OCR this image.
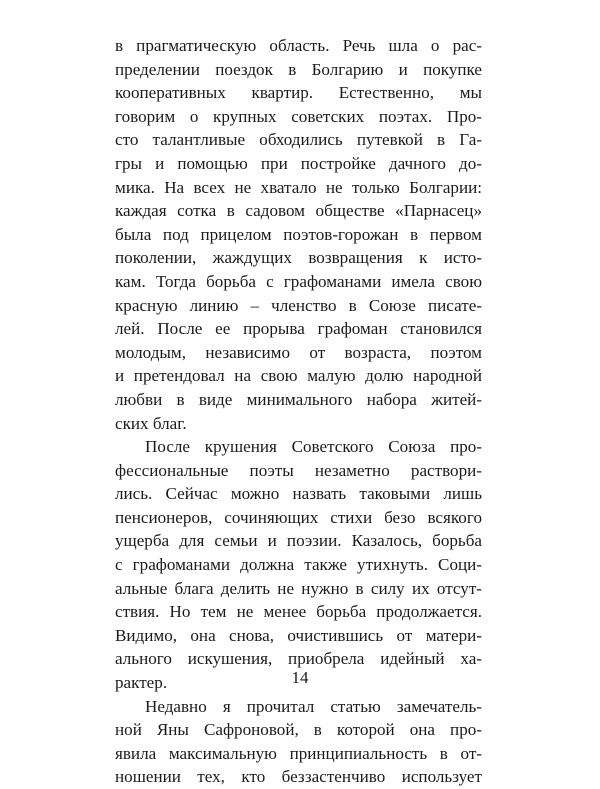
в прагматическую область. Речь шла о рас-
пределении поездок в Болгарию и покупке
кооперативных квартир. Естественно, мы
говорим о крупных советских поэтах. Про-
сто талантливые обходились путевкой в Га-
гры и помощью при постройке дачного до-
мика. На всех не хватало не только Болгарии:
каждая сотка в садовом обществе «Парнасец»
была под прицелом поэтов-горожан в первом
поколении, жаждущих возвращения к исто-
кам. Тогда борьба с графоманами имела свою
красную линию – членство в Союзе писате-
лей. После ее прорыва графоман становился
молодым, независимо от возраста, поэтом
и претендовал на свою малую долю народной
любви в виде минимального набора житей-
ских благ.
После крушения Советского Союза про-
фессиональные поэты незаметно раствори-
лись. Сейчас можно назвать таковыми лишь
пенсионеров, сочиняющих стихи безо всякого
ущерба для семьи и поэзии. Казалось, борьба
с графоманами должна также утихнуть. Соци-
альные блага делить не нужно в силу их отсут-
ствия. Но тем не менее борьба продолжается.
Видимо, она снова, очистившись от матери-
ального искушения, приобрела идейный ха-
рактер.
Недавно я прочитал статью замечатель-
ной Яны Сафроновой, в которой она про-
явила максимальную принципиальность в от-
ношении тех, кто беззастенчиво использует
14
